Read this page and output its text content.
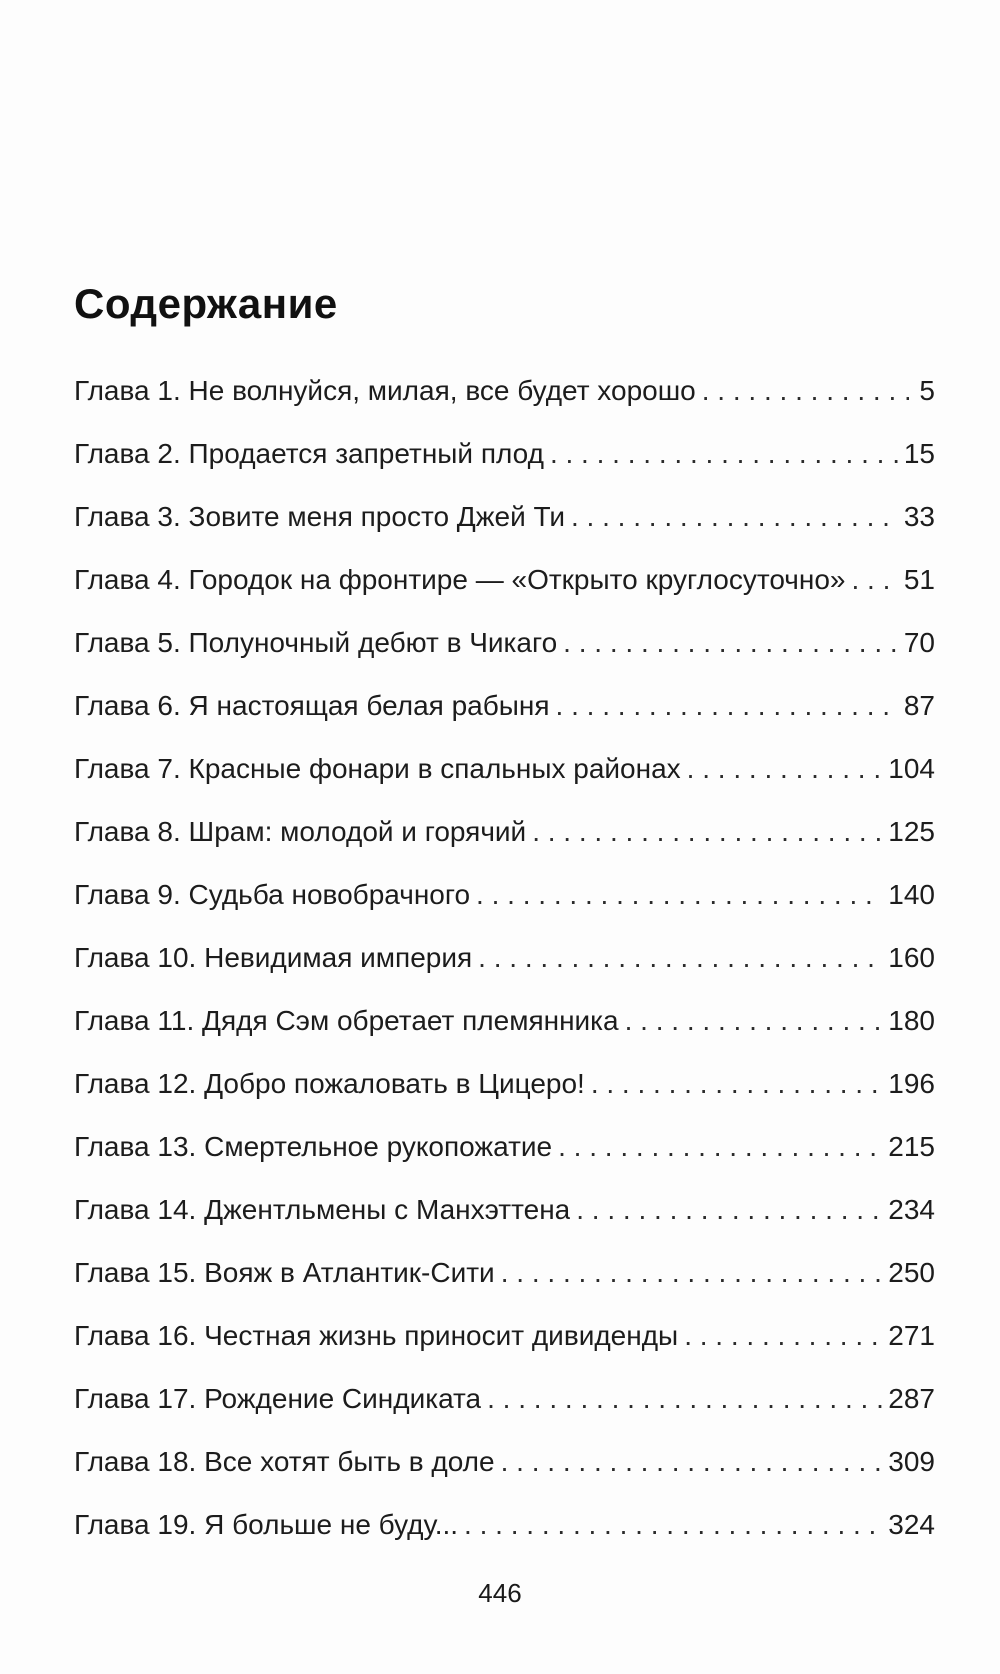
Содержание
Глава 1. Не волнуйся, милая, все будет хорошо . . .	5
Глава 2. Продается запретный плод . . .	15
Глава 3. Зовите меня просто Джей Ти . . .	33
Глава 4. Городок на фронтире — «Открыто круглосуточно» . . . 51
Глава 5. Полуночный дебют в Чикаго . . .	70
Глава 6. Я настоящая белая рабыня . . .	87
Глава 7. Красные фонари в спальных районах . . .	104
Глава 8. Шрам: молодой и горячий . . .	125
Глава 9. Судьба новобрачного . . .	140
Глава 10. Невидимая империя . . .	160
Глава 11. Дядя Сэм обретает племянника . . .	180
Глава 12. Добро пожаловать в Цицеро! . . .	196
Глава 13. Смертельное рукопожатие . . .	215
Глава 14. Джентльмены с Манхэттена . . .	234
Глава 15. Вояж в Атлантик-Сити . . .	250
Глава 16. Честная жизнь приносит дивиденды . . .	271
Глава 17. Рождение Синдиката . . .	287
Глава 18. Все хотят быть в доле . . .	309
Глава 19. Я больше не буду... . . .	324
446
